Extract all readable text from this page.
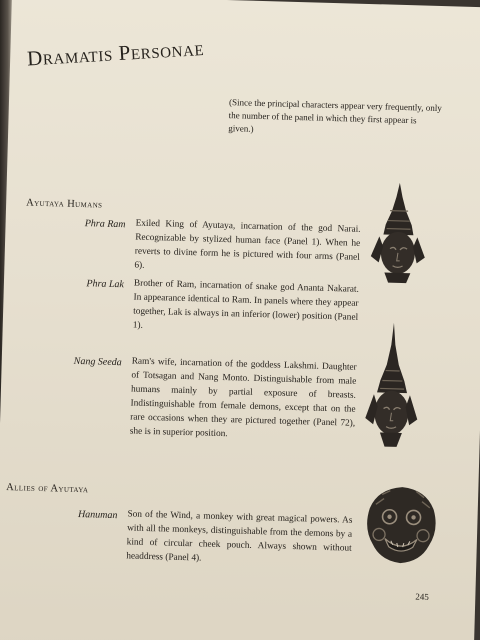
Dramatis Personae
(Since the principal characters appear very frequently, only the number of the panel in which they first appear is given.)
Ayutaya Humans
Phra Ram Exiled King of Ayutaya, incarnation of the god Narai. Recognizable by stylized human face (Panel 1). When he reverts to divine form he is pictured with four arms (Panel 6).
Phra Lak Brother of Ram, incarnation of snake god Ananta Nakarat. In appearance identical to Ram. In panels where they appear together, Lak is always in an inferior (lower) position (Panel 1).
Nang Seeda Ram's wife, incarnation of the goddess Lakshmi. Daughter of Totsagan and Nang Monto. Distinguishable from male humans mainly by partial exposure of breasts. Indistinguishable from female demons, except that on the rare occasions when they are pictured together (Panel 72), she is in superior position.
Allies of Ayutaya
Hanuman Son of the Wind, a monkey with great magical powers. As with all the monkeys, distinguishable from the demons by a kind of circular cheek pouch. Always shown without headdress (Panel 4).
245
